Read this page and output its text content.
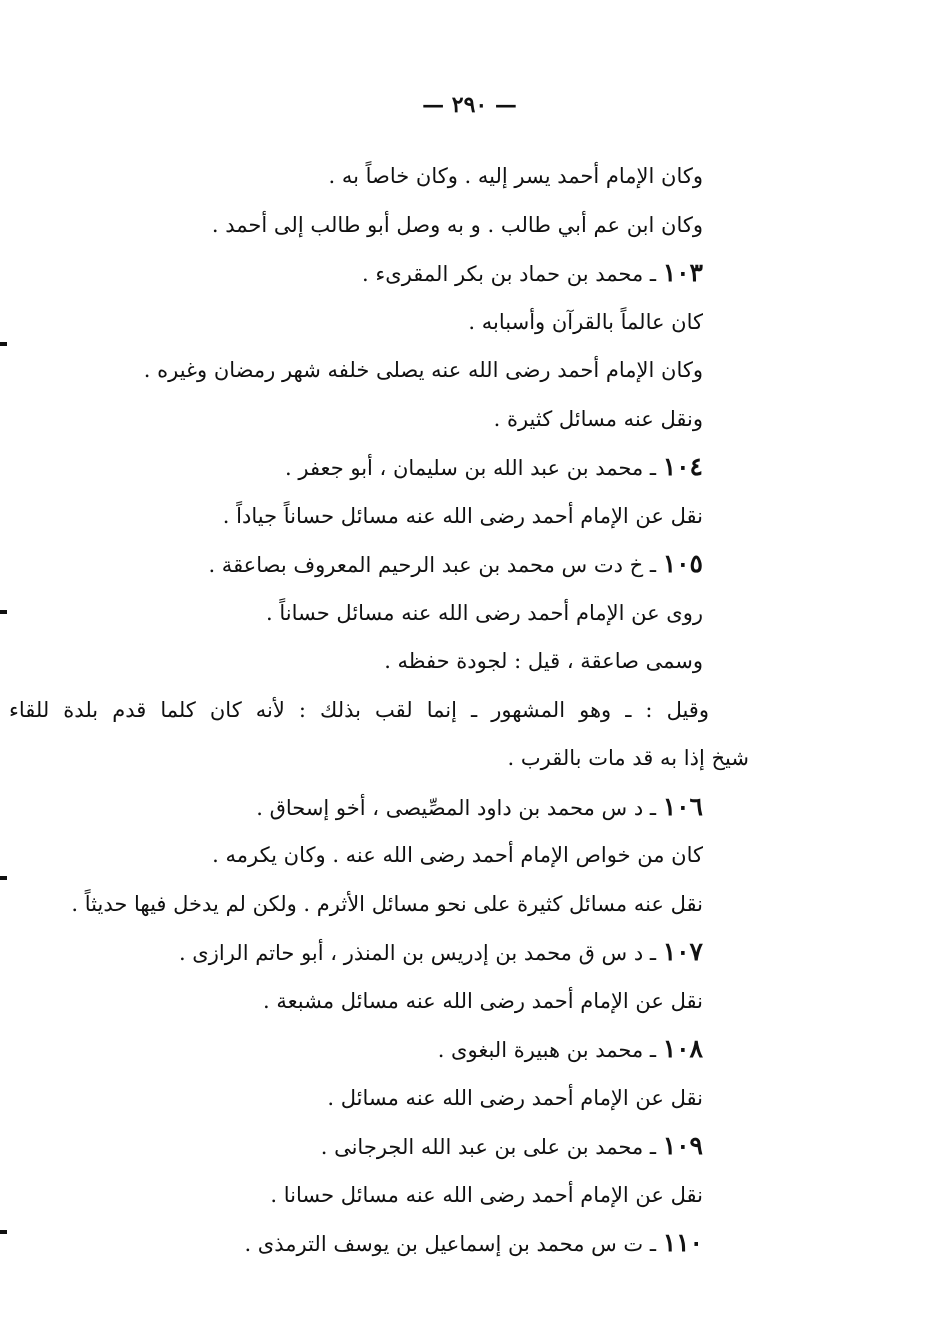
— ٢٩٠ —
وكان الإمام أحمد يسر إليه . وكان خاصاً به .
وكان ابن عم أبي طالب . و به وصل أبو طالب إلى أحمد .
١٠٣ ـ محمد بن حماد بن بكر المقرىء .
كان عالماً بالقرآن وأسبابه .
وكان الإمام أحمد رضى الله عنه يصلى خلفه شهر رمضان وغيره .
ونقل عنه مسائل كثيرة .
١٠٤ ـ محمد بن عبد الله بن سليمان ، أبو جعفر .
نقل عن الإمام أحمد رضى الله عنه مسائل حساناً جياداً .
١٠٥ ـ خ دت س محمد بن عبد الرحيم المعروف بصاعقة .
روى عن الإمام أحمد رضى الله عنه مسائل حساناً .
وسمى صاعقة ، قيل : لجودة حفظه .
وقيل : ـ وهو المشهور ـ إنما لقب بذلك : لأنه كان كلما قدم بلدة للقاء
شيخ إذا به قد مات بالقرب .
١٠٦ ـ د س محمد بن داود المصِّيصى ، أخو إسحاق .
كان من خواص الإمام أحمد رضى الله عنه . وكان يكرمه .
نقل عنه مسائل كثيرة على نحو مسائل الأثرم . ولكن لم يدخل فيها حديثاً .
١٠٧ ـ د س ق محمد بن إدريس بن المنذر ، أبو حاتم الرازى .
نقل عن الإمام أحمد رضى الله عنه مسائل مشبعة .
١٠٨ ـ محمد بن هبيرة البغوى .
نقل عن الإمام أحمد رضى الله عنه مسائل .
١٠٩ ـ محمد بن على بن عبد الله الجرجانى .
نقل عن الإمام أحمد رضى الله عنه مسائل حسانا .
١١٠ ـ ت س محمد بن إسماعيل بن يوسف الترمذى .
